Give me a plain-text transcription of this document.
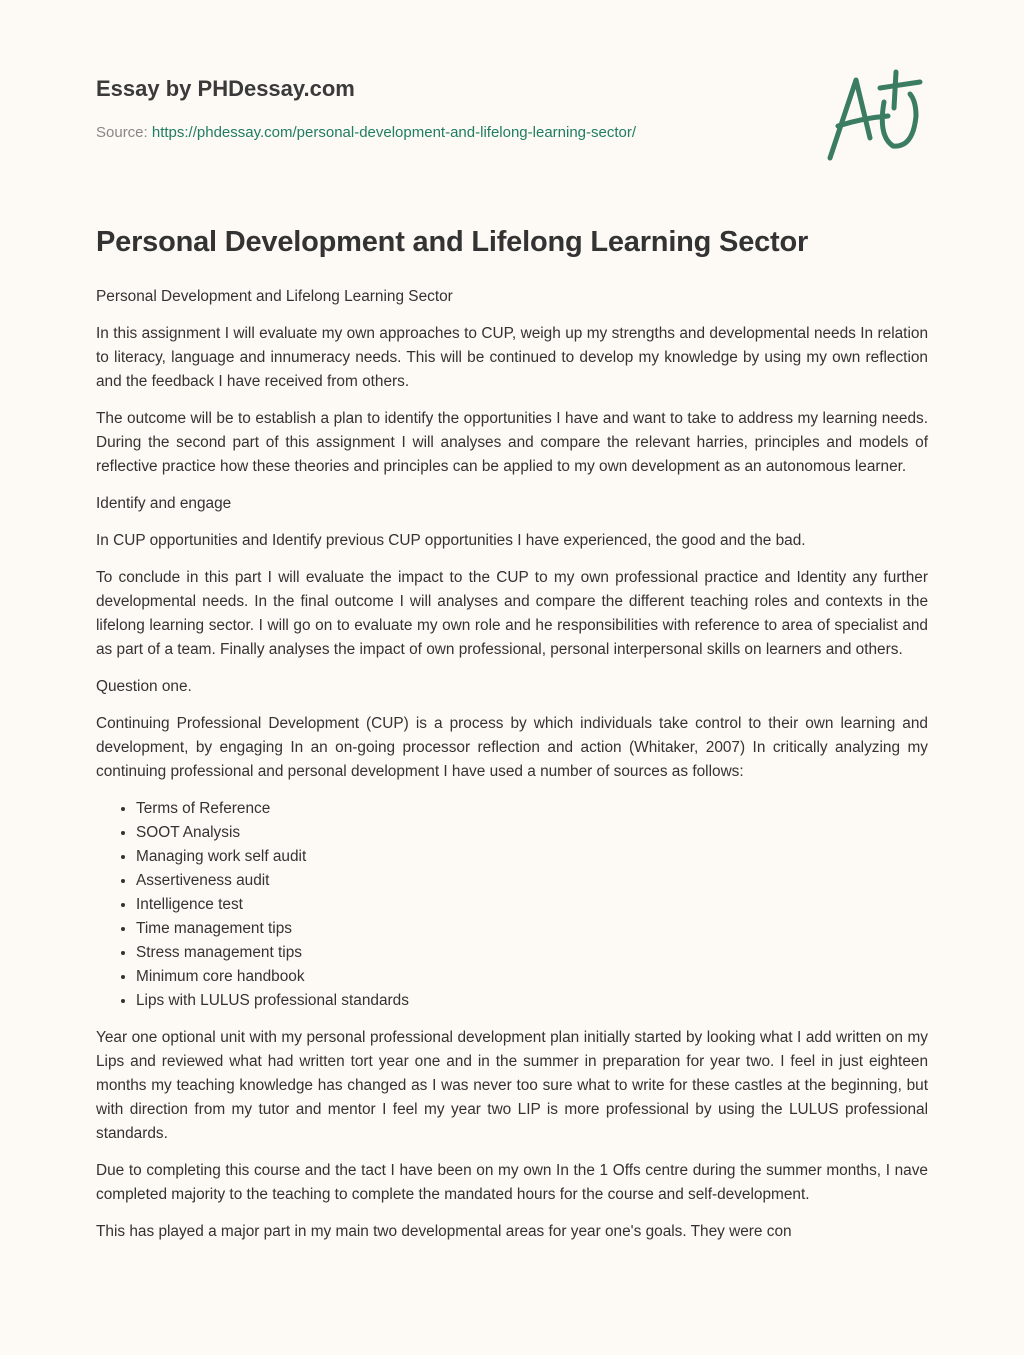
Essay by PHDessay.com
Source: https://phdessay.com/personal-development-and-lifelong-learning-sector/
Personal Development and Lifelong Learning Sector

Personal Development and Lifelong Learning Sector

In this assignment I will evaluate my own approaches to CUP, weigh up my strengths and developmental needs In relation to literacy, language and innumeracy needs. This will be continued to develop my knowledge by using my own reflection and the feedback I have received from others.

The outcome will be to establish a plan to identify the opportunities I have and want to take to address my learning needs. During the second part of this assignment I will analyses and compare the relevant harries, principles and models of reflective practice how these theories and principles can be applied to my own development as an autonomous learner.

Identify and engage

In CUP opportunities and Identify previous CUP opportunities I have experienced, the good and the bad.

To conclude in this part I will evaluate the impact to the CUP to my own professional practice and Identity any further developmental needs. In the final outcome I will analyses and compare the different teaching roles and contexts in the lifelong learning sector. I will go on to evaluate my own role and he responsibilities with reference to area of specialist and as part of a team. Finally analyses the impact of own professional, personal interpersonal skills on learners and others.

Question one.

Continuing Professional Development (CUP) is a process by which individuals take control to their own learning and development, by engaging In an on-going processor reflection and action (Whitaker, 2007) In critically analyzing my continuing professional and personal development I have used a number of sources as follows:

• Terms of Reference
• SOOT Analysis
• Managing work self audit
• Assertiveness audit
• Intelligence test
• Time management tips
• Stress management tips
• Minimum core handbook
• Lips with LULUS professional standards

Year one optional unit with my personal professional development plan initially started by looking what I add written on my Lips and reviewed what had written tort year one and in the summer in preparation for year two. I feel in just eighteen months my teaching knowledge has changed as I was never too sure what to write for these castles at the beginning, but with direction from my tutor and mentor I feel my year two LIP is more professional by using the LULUS professional standards.

Due to completing this course and the tact I have been on my own In the 1 Offs centre during the summer months, I nave completed majority to the teaching to complete the mandated hours for the course and self-development.

This has played a major part in my main two developmental areas for year one's goals. They were con
